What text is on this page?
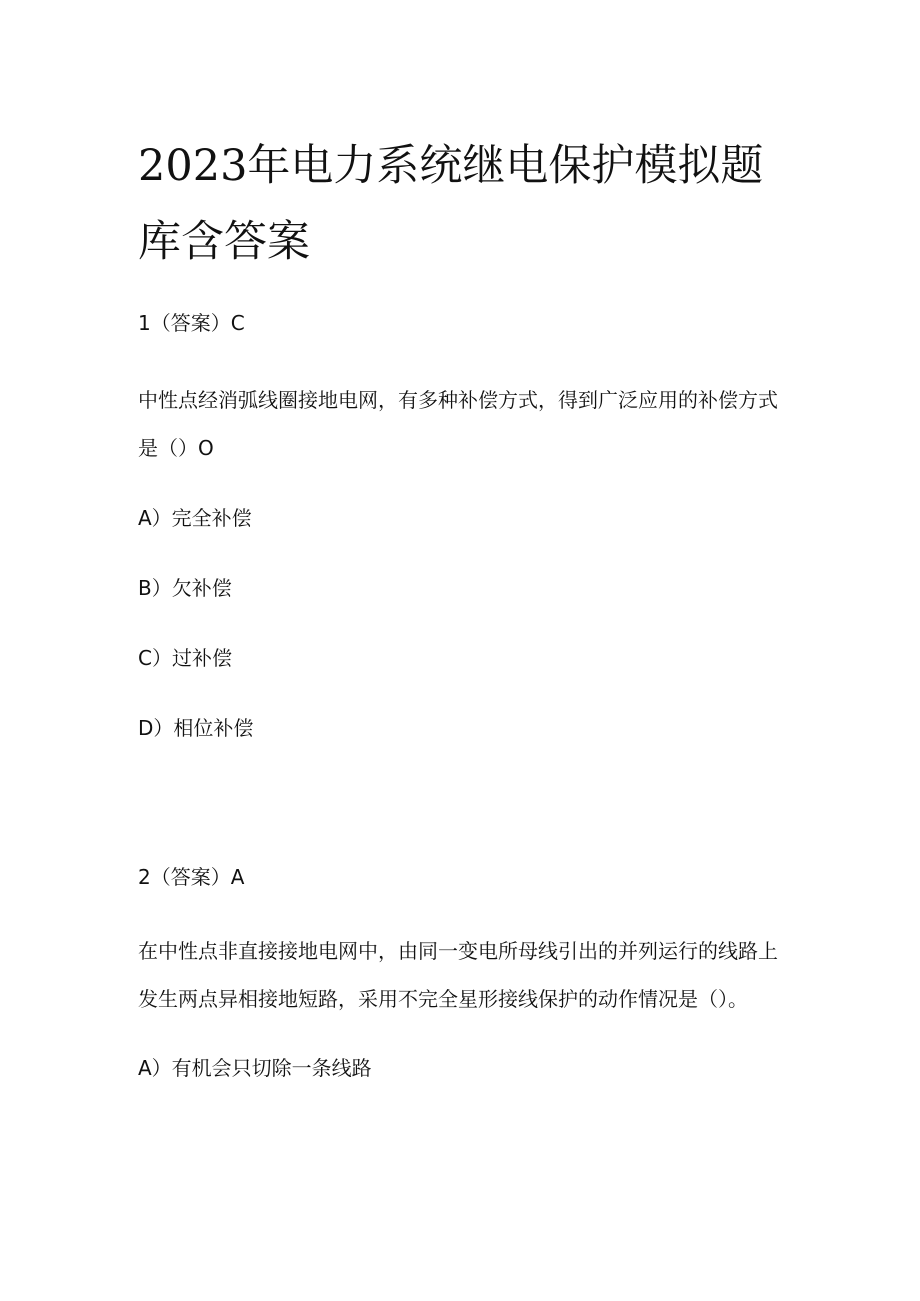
2023年电力系统继电保护模拟题库含答案

1（答案）C

中性点经消弧线圈接地电网，有多种补偿方式，得到广泛应用的补偿方式

是（）O

A）完全补偿

B）欠补偿

C）过补偿

D）相位补偿

2（答案）A

在中性点非直接接地电网中，由同一变电所母线引出的并列运行的线路上

发生两点异相接地短路，采用不完全星形接线保护的动作情况是（）。

A）有机会只切除一条线路
